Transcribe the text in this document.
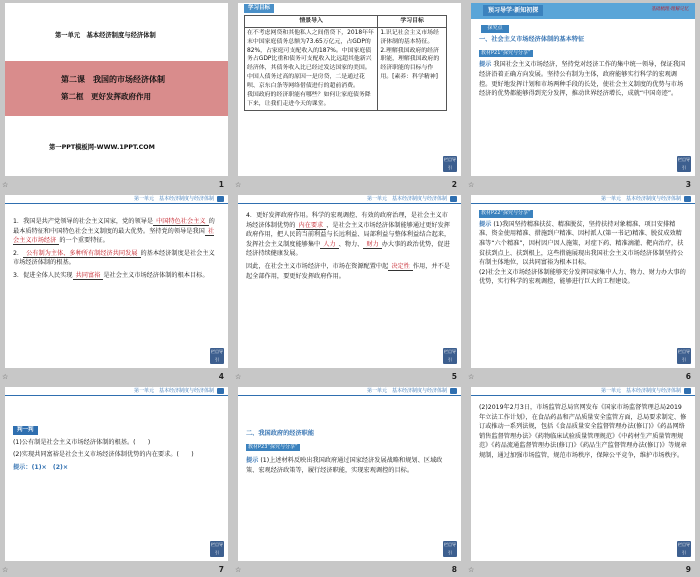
第一单元　基本经济制度与经济体制
第二课　我国的市场经济体制
第二框　更好发挥政府作用
第一PPT模板网-WWW.1PPT.COM
☆	1
学习目标
情景导入	学习目标
在不考虑网贷和其他私人之间借贷下，2018年年末中国家庭债务总额为73.65万亿元，占GDP的82%，占家庭可支配收入的187%。中国家庭债务占GDP比重和债务可支配收入比远超其他新兴经济体，其债务收入比已经过发达国家的美国。中国人债务过高的原因一是房贷，二是通过花呗、京东白条等网络借债进行的超前消费。
我国政府的经济职能有哪些？如何让家庭债务降下来，让我们走进今天的课堂。	1.识记社会主义市场经济体制的基本特征。
2.理解我国政府的经济职能，理解我国政府的经济职能的目标与作用。[素养：科学精神]
栏目导引
☆	2
预习导学·新知初探	基础梳理·理解记忆
探究点
一、社会主义市场经济体制的基本特征
教材P21“探究与分享”
提示 我国社会主义市场经济，坚持党对经济工作的集中统一领导，保证我国经济沿着正确方向发展。坚持公有制为主体，政府能够实行科学的宏观调控。更好地发挥计划和市场两种手段的长处，使社会主义制度的优势与市场经济的优势都能够得到充分发挥，推动世界经济增长，成就“中国奇迹”。
栏目导引
☆	3
第一单元　基本经济制度与经济体制
1．我国是共产党领导的社会主义国家，党的领导是 中国特色社会主义 的最本质特征和中国特色社会主义制度的最大优势。坚持党的领导是我国 社会主义市场经济 的一个重要特征。
2． 公有制为主体、多种所有制经济共同发展 的基本经济制度是社会主义市场经济体制的根基。
3．促进全体人民实现 共同富裕 是社会主义市场经济体制的根本目标。
栏目导引
☆	4
第一单元　基本经济制度与经济体制
4．更好发挥政府作用。科学的宏观调控、有效的政府治理，是社会主义市场经济体制优势的 内在要求 ，是社会主义市场经济体制能够通过更好发挥政府作用，把人民的当前利益与长远利益、局部利益与整体利益结合起来，发挥社会主义制度能够集中 人力 、物力、 财力 办大事的政治优势，促进经济持续健康发展。
因此，在社会主义市场经济中，市场在资源配置中起 决定性 作用，并不是起全部作用，要更好发挥政府作用。
栏目导引
☆	5
第一单元　基本经济制度与经济体制
教材P22“探究与分享”
提示 (1)我国坚持精准扶贫、精准脱贫，坚持扶持对象精准、项目安排精准、资金使用精准、措施到户精准、因村派人(第一书记)精准、脱贫成效精准等“六个精准”，因村因户因人施策，对症下药、精准滴灌、靶向治疗，扶贫扶到点上、扶到根上，这些措施展现出我国社会主义市场经济体制坚持公有制主体地位，以共同富裕为根本目标。
(2)社会主义市场经济体制能够充分发挥国家集中人力、物力、财力办大事的优势，实行科学的宏观调控，能够进行巨大的工程建设。
栏目导引
☆	6
第一单元　基本经济制度与经济体制
判一判
(1)公有制是社会主义市场经济体制的根基。(　　)
(2)实现共同富裕是社会主义市场经济体制优势的内在要求。(　　)
提示：(1)×　(2)×
栏目导引
☆	7
第一单元　基本经济制度与经济体制
二、我国政府的经济职能
教材P23“探究与分享”
提示 (1)上述材料反映出我国政府通过国家经济发展战略和规划、区域政策、宏观经济政策等，履行经济职能，实现宏观调控的目标。
栏目导引
☆	8
第一单元　基本经济制度与经济体制
(2)2019年2月3日，市场监管总局官网发布《国家市场监督管理总局2019年立法工作计划》，在食品药品和产品质量安全监管方面，总局要求制定、修订或推动一系列法规，包括《食品质量安全监督管理办法(修订)》《药品网络销售监督管理办法》《药物临床试验质量管理规范》《中药材生产质量管理规范》《药品流通监督管理办法(修订)》《药品生产监督管理办法(修订)》等规章规制，通过加强市场监管，规范市场秩序，保障公平竞争，维护市场秩序。
栏目导引
☆	9
